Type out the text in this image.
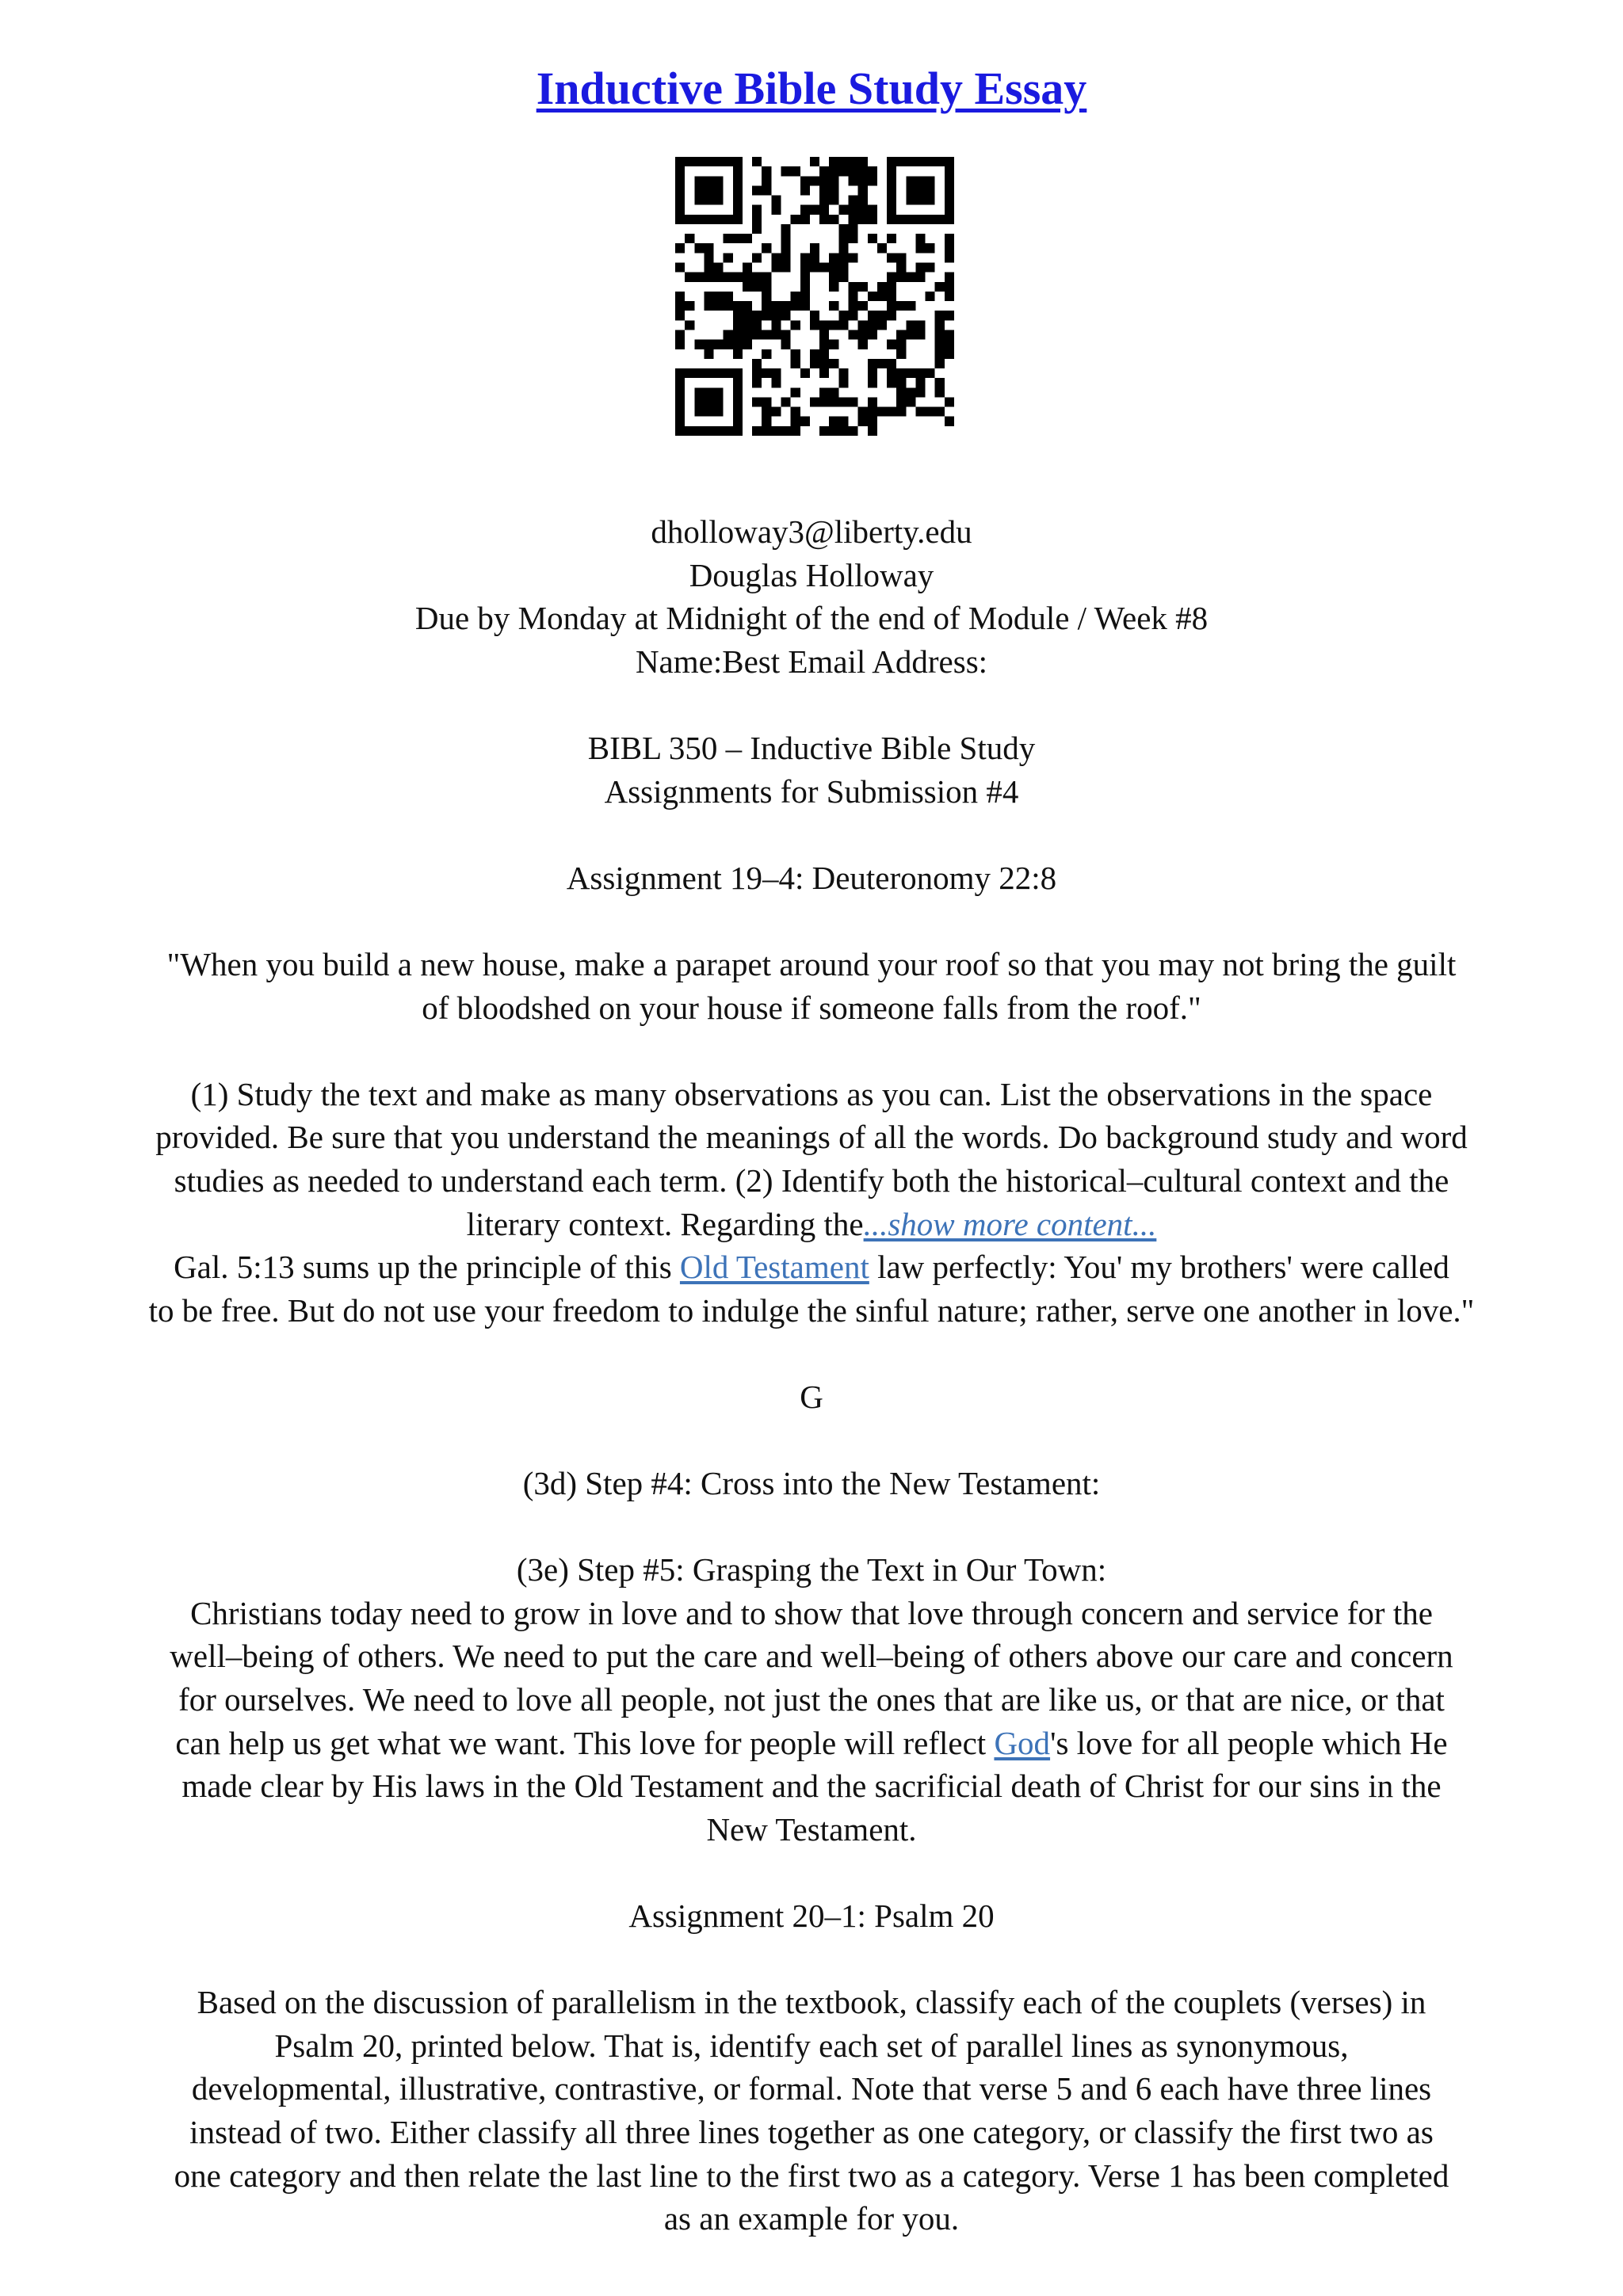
Inductive Bible Study Essay
dholloway3@liberty.edu
Douglas Holloway
Due by Monday at Midnight of the end of Module / Week #8
Name:Best Email Address:
BIBL 350 – Inductive Bible Study
Assignments for Submission #4
Assignment 19–4: Deuteronomy 22:8
"When you build a new house, make a parapet around your roof so that you may not bring the guilt
of bloodshed on your house if someone falls from the roof."
(1) Study the text and make as many observations as you can. List the observations in the space
provided. Be sure that you understand the meanings of all the words. Do background study and word
studies as needed to understand each term. (2) Identify both the historical–cultural context and the
literary context. Regarding the...show more content...
Gal. 5:13 sums up the principle of this Old Testament law perfectly: You' my brothers' were called
to be free. But do not use your freedom to indulge the sinful nature; rather, serve one another in love."
G
(3d) Step #4: Cross into the New Testament:
(3e) Step #5: Grasping the Text in Our Town:
Christians today need to grow in love and to show that love through concern and service for the
well–being of others. We need to put the care and well–being of others above our care and concern
for ourselves. We need to love all people, not just the ones that are like us, or that are nice, or that
can help us get what we want. This love for people will reflect God's love for all people which He
made clear by His laws in the Old Testament and the sacrificial death of Christ for our sins in the
New Testament.
Assignment 20–1: Psalm 20
Based on the discussion of parallelism in the textbook, classify each of the couplets (verses) in
Psalm 20, printed below. That is, identify each set of parallel lines as synonymous,
developmental, illustrative, contrastive, or formal. Note that verse 5 and 6 each have three lines
instead of two. Either classify all three lines together as one category, or classify the first two as
one category and then relate the last line to the first two as a category. Verse 1 has been completed
as an example for you.
